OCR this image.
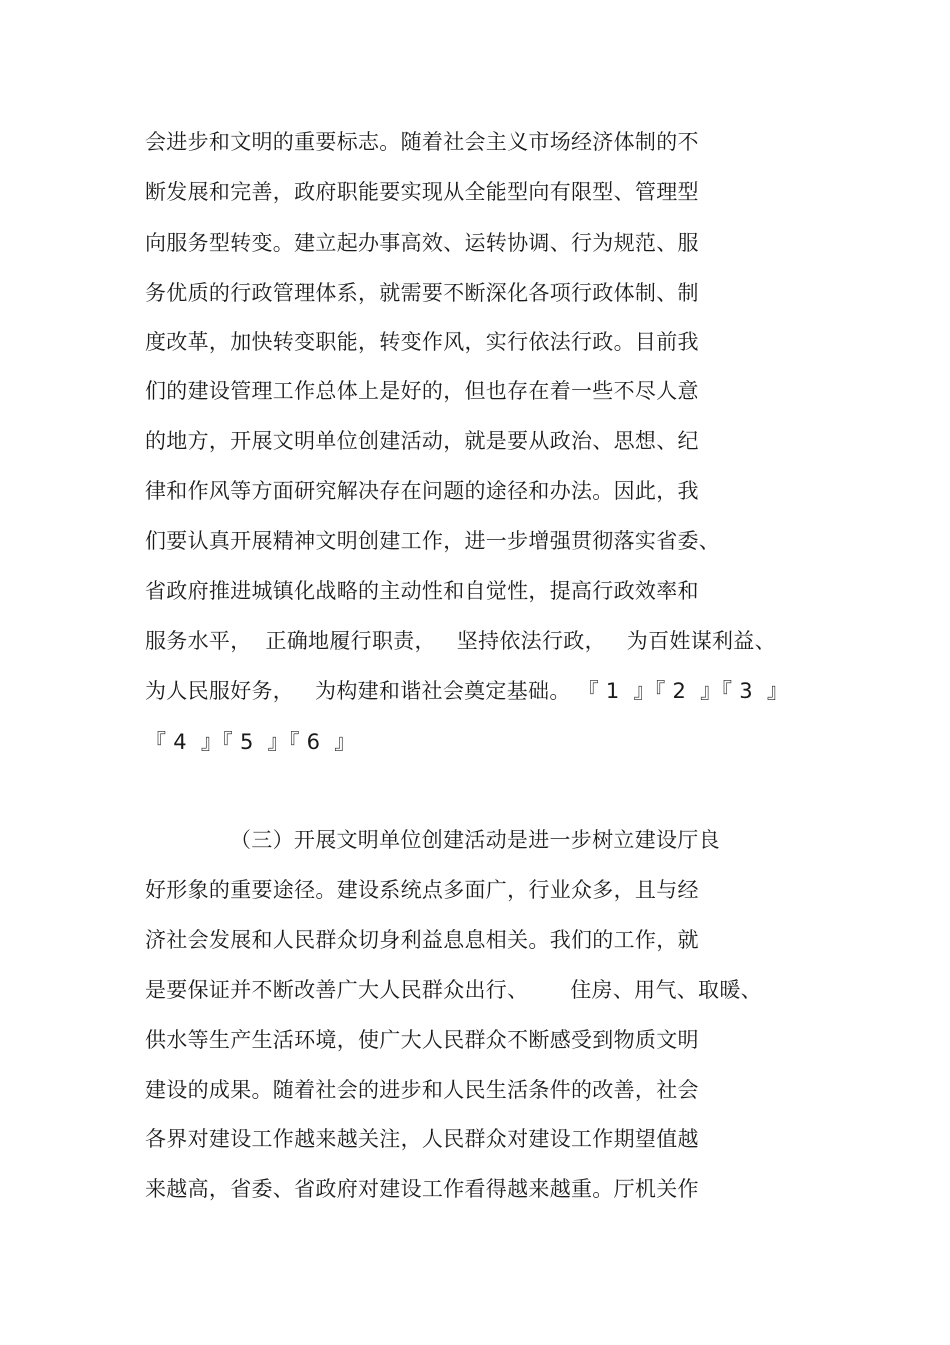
会进步和文明的重要标志。随着社会主义市场经济体制的不
断发展和完善，政府职能要实现从全能型向有限型、管理型
向服务型转变。建立起办事高效、运转协调、行为规范、服
务优质的行政管理体系，就需要不断深化各项行政体制、制
度改革，加快转变职能，转变作风，实行依法行政。目前我
们的建设管理工作总体上是好的，但也存在着一些不尽人意
的地方，开展文明单位创建活动，就是要从政治、思想、纪
律和作风等方面研究解决存在问题的途径和办法。因此，我
们要认真开展精神文明创建工作，进一步增强贯彻落实省委、
省政府推进城镇化战略的主动性和自觉性，提高行政效率和
服务水平，  正确地履行职责，   坚持依法行政，   为百姓谋利益、
为人民服好务，   为构建和谐社会奠定基础。 『 1  』『 2  』『 3  』
『 4  』『 5  』『 6  』
（三）开展文明单位创建活动是进一步树立建设厅良
好形象的重要途径。建设系统点多面广，行业众多，且与经
济社会发展和人民群众切身利益息息相关。我们的工作，就
是要保证并不断改善广大人民群众出行、      住房、用气、取暖、
供水等生产生活环境，使广大人民群众不断感受到物质文明
建设的成果。随着社会的进步和人民生活条件的改善，社会
各界对建设工作越来越关注，人民群众对建设工作期望值越
来越高，省委、省政府对建设工作看得越来越重。厅机关作
